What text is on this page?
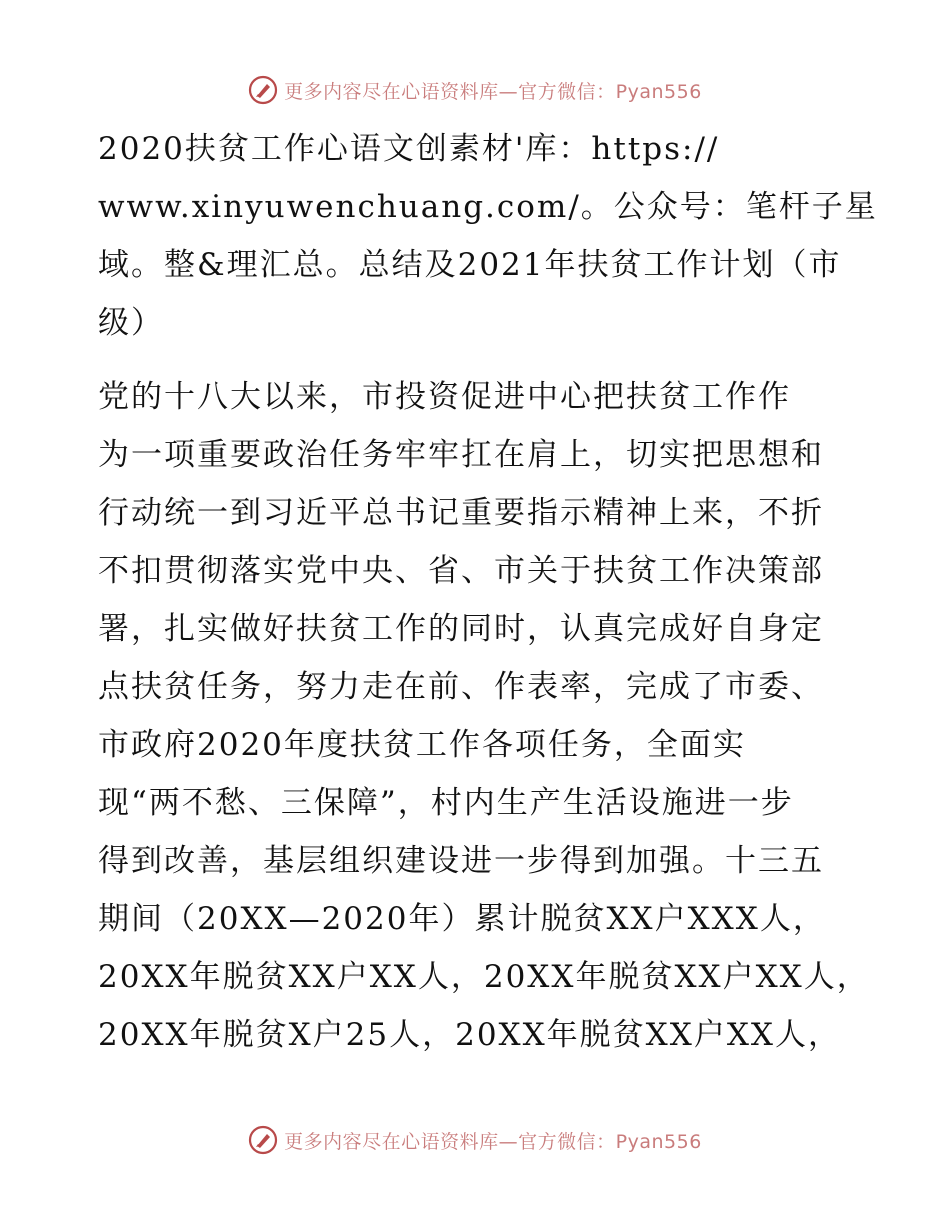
更多内容尽在心语资料库—官方微信：Pyan556
2020扶贫工作心语文创素材'库：https://
www.xinyuwenchuang.com/。公众号：笔杆子星
域。整&理汇总。总结及2021年扶贫工作计划（市
级）
党的十八大以来，市投资促进中心把扶贫工作作
为一项重要政治任务牢牢扛在肩上，切实把思想和
行动统一到习近平总书记重要指示精神上来，不折
不扣贯彻落实党中央、省、市关于扶贫工作决策部
署，扎实做好扶贫工作的同时，认真完成好自身定
点扶贫任务，努力走在前、作表率，完成了市委、
市政府2020年度扶贫工作各项任务，全面实
现“两不愁、三保障”，村内生产生活设施进一步
得到改善，基层组织建设进一步得到加强。十三五
期间（20XX—2020年）累计脱贫XX户XXX人，
20XX年脱贫XX户XX人，20XX年脱贫XX户XX人，
20XX年脱贫X户25人，20XX年脱贫XX户XX人，
更多内容尽在心语资料库—官方微信：Pyan556
